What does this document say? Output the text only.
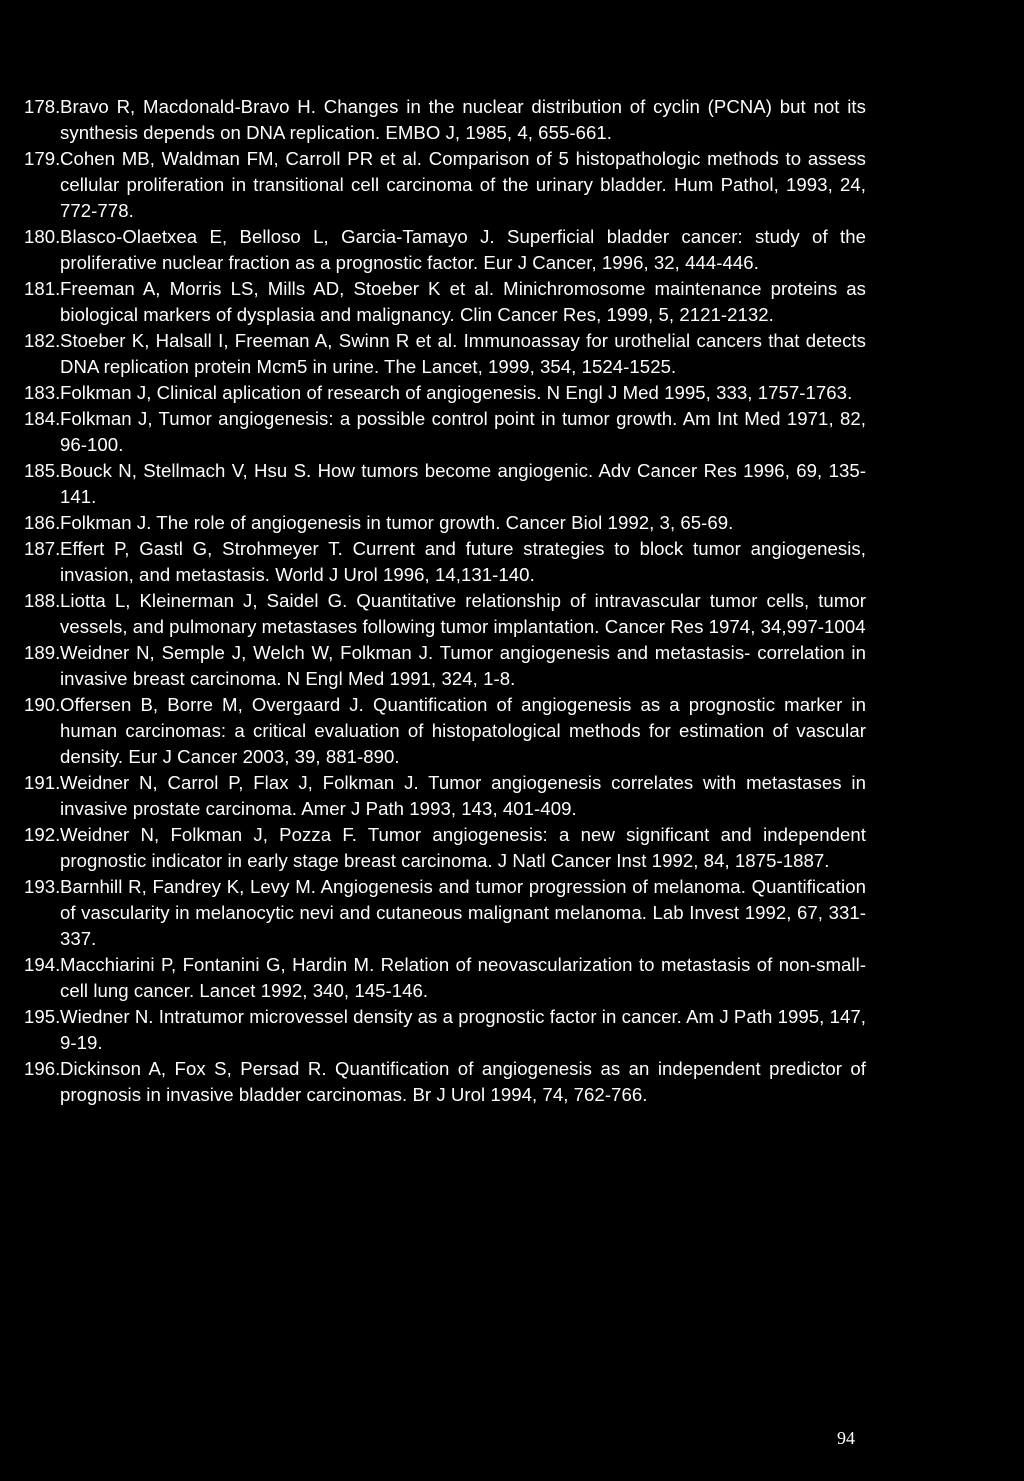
178. Bravo R, Macdonald-Bravo H. Changes in the nuclear distribution of cyclin (PCNA) but not its synthesis depends on DNA replication. EMBO J, 1985, 4, 655-661.
179. Cohen MB, Waldman FM, Carroll PR et al. Comparison of 5 histopathologic methods to assess cellular proliferation in transitional cell carcinoma of the urinary bladder. Hum Pathol, 1993, 24, 772-778.
180. Blasco-Olaetxea E, Belloso L, Garcia-Tamayo J. Superficial bladder cancer: study of the proliferative nuclear fraction as a prognostic factor. Eur J Cancer, 1996, 32, 444-446.
181. Freeman A, Morris LS, Mills AD, Stoeber K et al. Minichromosome maintenance proteins as biological markers of dysplasia and malignancy. Clin Cancer Res, 1999, 5, 2121-2132.
182. Stoeber K, Halsall I, Freeman A, Swinn R et al. Immunoassay for urothelial cancers that detects DNA replication protein Mcm5 in urine. The Lancet, 1999, 354, 1524-1525.
183. Folkman J, Clinical aplication of research of angiogenesis. N Engl J Med 1995, 333, 1757-1763.
184. Folkman J, Tumor angiogenesis: a possible control point in tumor growth. Am Int Med 1971, 82, 96-100.
185. Bouck N, Stellmach V, Hsu S. How tumors become angiogenic. Adv Cancer Res 1996, 69, 135-141.
186. Folkman J. The role of angiogenesis in tumor growth. Cancer Biol 1992, 3, 65-69.
187. Effert P, Gastl G, Strohmeyer T. Current and future strategies to block tumor angiogenesis, invasion, and metastasis. World J Urol 1996, 14,131-140.
188. Liotta L, Kleinerman J, Saidel G. Quantitative relationship of intravascular tumor cells, tumor vessels, and pulmonary metastases following tumor implantation. Cancer Res 1974, 34,997-1004
189. Weidner N, Semple J, Welch W, Folkman J. Tumor angiogenesis and metastasis- correlation in invasive breast carcinoma. N Engl Med 1991, 324, 1-8.
190. Offersen B, Borre M, Overgaard J. Quantification of angiogenesis as a prognostic marker in human carcinomas: a critical evaluation of histopatological methods for estimation of vascular density. Eur J Cancer 2003, 39, 881-890.
191. Weidner N, Carrol P, Flax J, Folkman J. Tumor angiogenesis correlates with metastases in invasive prostate carcinoma. Amer J Path 1993, 143, 401-409.
192. Weidner N, Folkman J, Pozza F. Tumor angiogenesis: a new significant and independent prognostic indicator in early stage breast carcinoma. J Natl Cancer Inst 1992, 84, 1875-1887.
193. Barnhill R, Fandrey K, Levy M. Angiogenesis and tumor progression of melanoma. Quantification of vascularity in melanocytic nevi and cutaneous malignant melanoma. Lab Invest 1992, 67, 331-337.
194. Macchiarini P, Fontanini G, Hardin M. Relation of neovascularization to metastasis of non-small-cell lung cancer. Lancet 1992, 340, 145-146.
195. Wiedner N. Intratumor microvessel density as a prognostic factor in cancer. Am J Path 1995, 147, 9-19.
196. Dickinson A, Fox S, Persad R. Quantification of angiogenesis as an independent predictor of prognosis in invasive bladder carcinomas. Br J Urol 1994, 74, 762-766.
94
